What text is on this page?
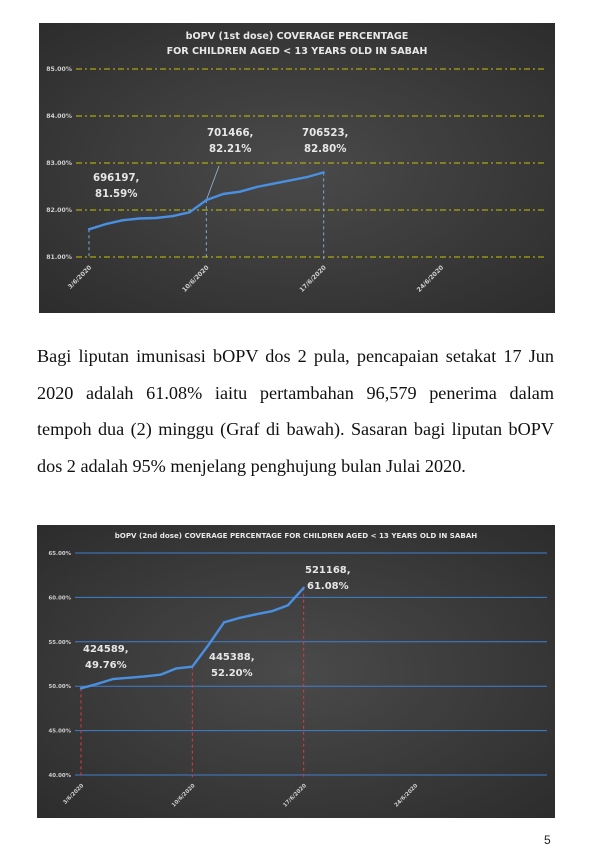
bOPV (1st dose) COVERAGE PERCENTAGE
FOR CHILDREN AGED < 13 YEARS OLD IN SABAH
85.00%
84.00%
83.00%
82.00%
81.00%
3/6/2020	10/6/2020	17/6/2020	24/6/2020
696197,
81.59%
701466,
82.21%
706523,
82.80%

Bagi liputan imunisasi bOPV dos 2 pula, pencapaian setakat 17 Jun 2020 adalah 61.08% iaitu pertambahan 96,579 penerima dalam tempoh dua (2) minggu (Graf di bawah). Sasaran bagi liputan bOPV dos 2 adalah 95% menjelang penghujung bulan Julai 2020.

bOPV (2nd dose) COVERAGE PERCENTAGE FOR CHILDREN AGED < 13 YEARS OLD IN SABAH
65.00%
60.00%
55.00%
50.00%
45.00%
40.00%
3/6/2020	10/6/2020	17/6/2020	24/6/2020
424589,
49.76%
445388,
52.20%
521168,
61.08%
5
